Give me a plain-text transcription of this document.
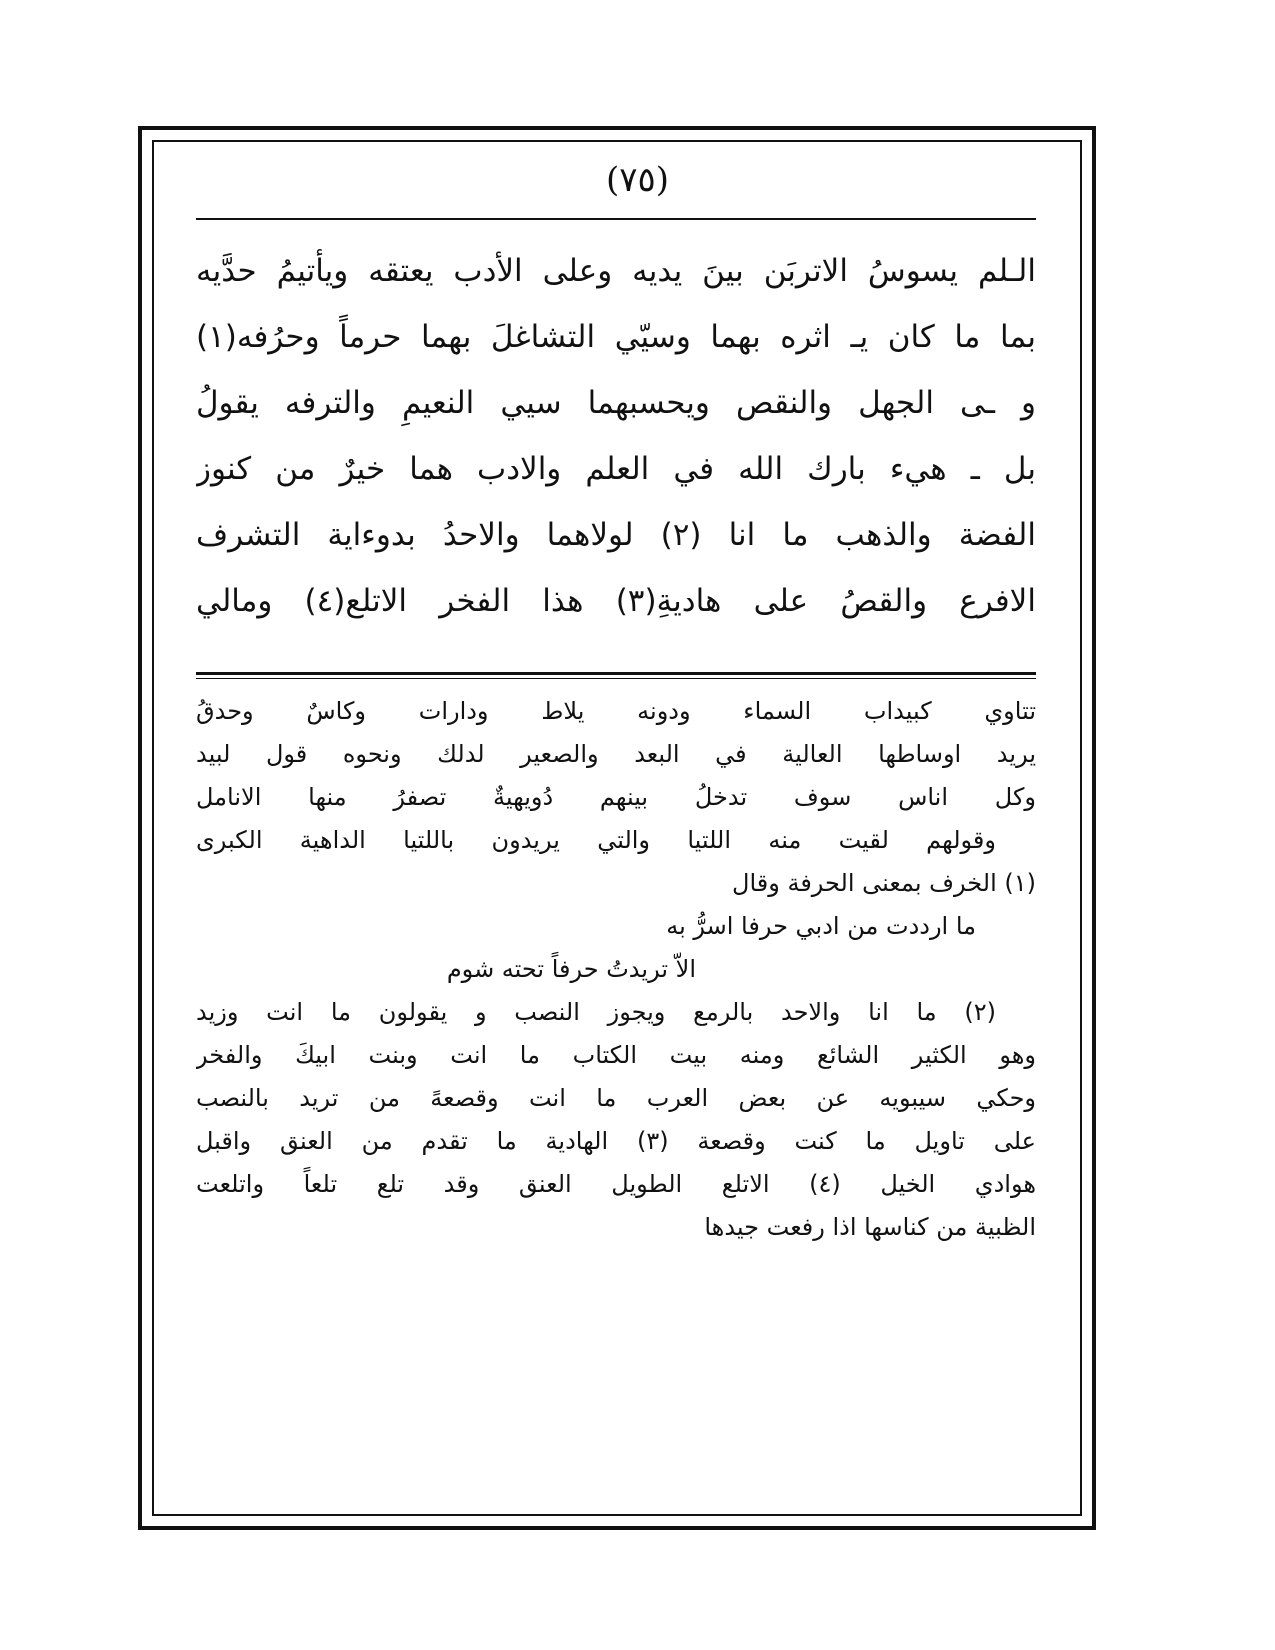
(٧٥)
الـلم يسوسُ الاتربَن بينَ يديه وعلى الأدب يعتقه ويأتيمُ حدَّيه
بما ما كان يـ اثره بهما وسيّي التشاغلَ بهما حرماً وحرُفه(١)
و ـى الجهل والنقص ويحسبهما سيي النعيمِ والترفه يقولُ
بل ـ هيء بارك الله في العلم والادب هما خيرٌ من كنوز
الفضة والذهب ما انا (٢) لولاهما والاحدُ بدوءاية التشرف
الافرع والقصُ على هاديةِ(٣) هذا الفخر الاتلع(٤) ومالي
تتاوي كبيداب السماء ودونه يلاط ودارات وكاسٌ وحدقُ
يريد اوساطها العالية في البعد والصعير لدلك ونحوه قول لبيد
وكل اناس سوف تدخلُ بينهم دُويهيةٌ تصفرُ منها الانامل
وقولهم لقيت منه اللتيا والتي يريدون باللتيا الداهية الكبرى
(١) الخرف بمعنى الحرفة وقال
ما ارددت من ادبي حرفا اسرُّ به
الاّ تريدتُ حرفاً تحته شوم
(٢) ما انا والاحد بالرمع ويجوز النصب و يقولون ما انت وزيد
وهو الكثير الشائع ومنه بيت الكتاب ما انت وبنت ابيكَ والفخر
وحكي سيبويه عن بعض العرب ما انت وقصعهً من تريد بالنصب
على تاويل ما كنت وقصعة (٣) الهادية ما تقدم من العنق واقبل
هوادي الخيل (٤) الاتلع الطويل العنق وقد تلع تلعاً واتلعت
الظبية من كناسها اذا رفعت جيدها
